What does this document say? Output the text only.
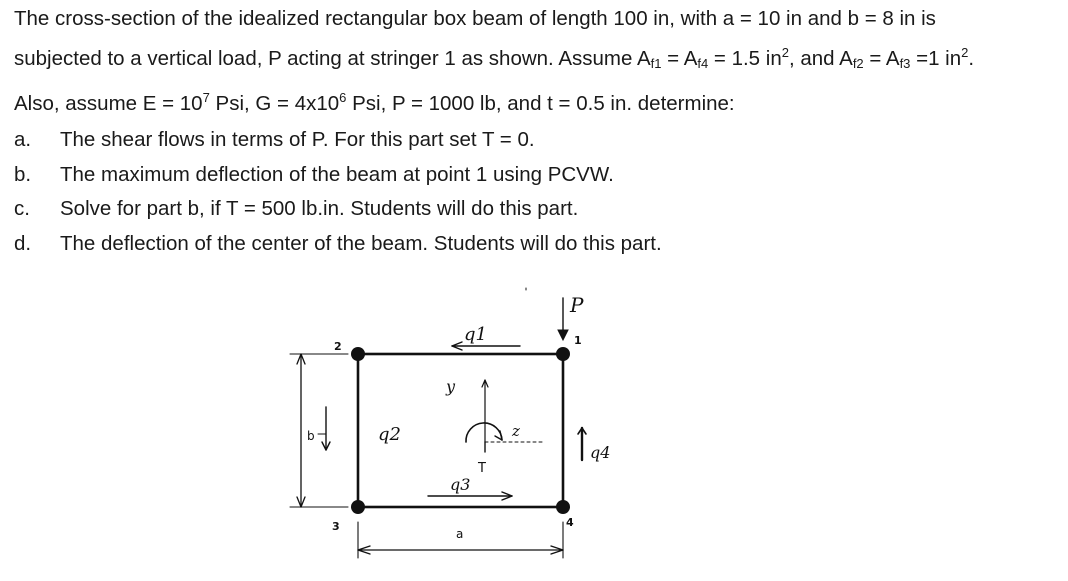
The cross-section of the idealized rectangular box beam of length 100 in, with a = 10 in and b = 8 in is

subjected to a vertical load, P acting at stringer 1 as shown. Assume $A_{f1} = A_{f4} = 1.5$ $in^2$, and $A_{f2} = A_{f3} =1$ $in^2$.

Also, assume $E = 10^7$ Psi, $G = 4x10^6$ Psi, P = 1000 lb, and t = 0.5 in. determine:

a.	The shear flows in terms of P. For this part set T = 0.
b.	The maximum deflection of the beam at point 1 using PCVW.
c.	Solve for part b, if T = 500 lb.in. Students will do this part.
d.	The deflection of the center of the beam. Students will do this part.
P
1
2
3	4
b
a
q1
q2
q3
q4
y
z
T
